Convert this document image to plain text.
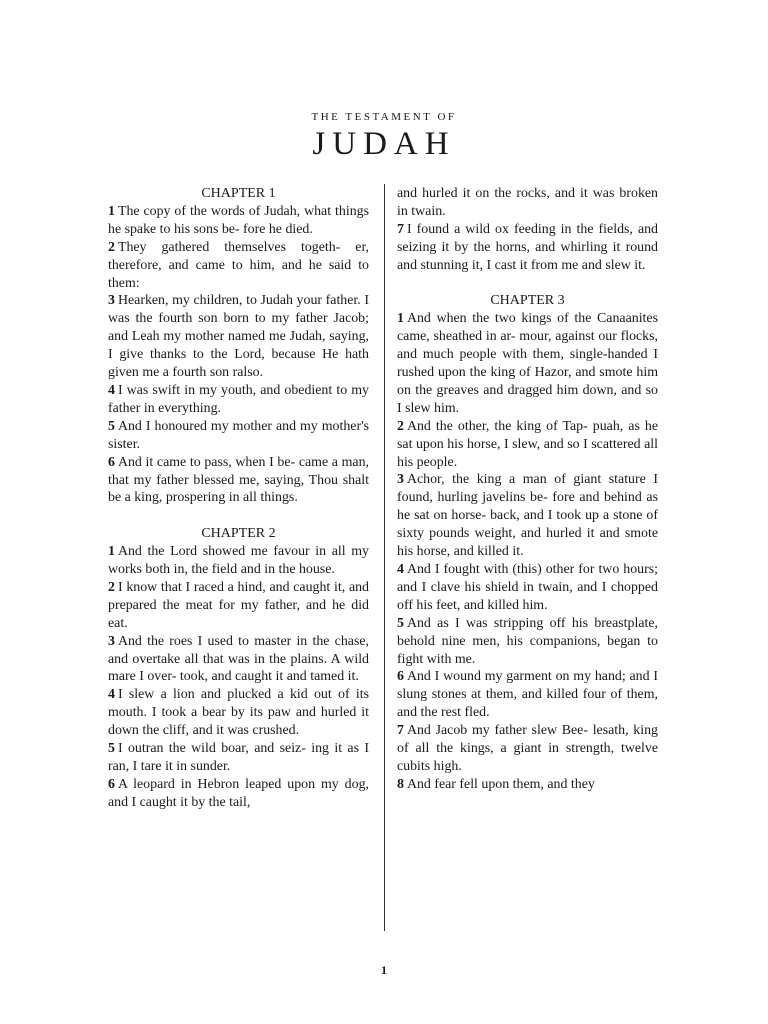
THE TESTAMENT OF
JUDAH

CHAPTER 1

1 The copy of the words of Judah, what things he spake to his sons be- fore he died.

2 They gathered themselves togeth- er, therefore, and came to him, and he said to them:

3 Hearken, my children, to Judah your father. I was the fourth son born to my father Jacob; and Leah my mother named me Judah, saying, I give thanks to the Lord, because He hath given me a fourth son ralso.

4 I was swift in my youth, and obedient to my father in everything.

5 And I honoured my mother and my mother's sister.

6 And it came to pass, when I be- came a man, that my father blessed me, saying, Thou shalt be a king, prospering in all things.

CHAPTER 2

1 And the Lord showed me favour in all my works both in, the field and in the house.

2 I know that I raced a hind, and caught it, and prepared the meat for my father, and he did eat.

3 And the roes I used to master in the chase, and overtake all that was in the plains. A wild mare I over- took, and caught it and tamed it.

4 I slew a lion and plucked a kid out of its mouth. I took a bear by its paw and hurled it down the cliff, and it was crushed.

5 I outran the wild boar, and seiz- ing it as I ran, I tare it in sunder.

6 A leopard in Hebron leaped upon my dog, and I caught it by the tail,

and hurled it on the rocks, and it was broken in twain.

7 I found a wild ox feeding in the fields, and seizing it by the horns, and whirling it round and stunning it, I cast it from me and slew it.

CHAPTER 3

1 And when the two kings of the Canaanites came, sheathed in ar- mour, against our flocks, and much people with them, single-handed I rushed upon the king of Hazor, and smote him on the greaves and dragged him down, and so I slew him.

2 And the other, the king of Tap- puah, as he sat upon his horse, I slew, and so I scattered all his people.

3 Achor, the king a man of giant stature I found, hurling javelins be- fore and behind as he sat on horse- back, and I took up a stone of sixty pounds weight, and hurled it and smote his horse, and killed it.

4 And I fought with (this) other for two hours; and I clave his shield in twain, and I chopped off his feet, and killed him.

5 And as I was stripping off his breastplate, behold nine men, his companions, began to fight with me.

6 And I wound my garment on my hand; and I slung stones at them, and killed four of them, and the rest fled.

7 And Jacob my father slew Bee- lesath, king of all the kings, a giant in strength, twelve cubits high.

8 And fear fell upon them, and they

1
